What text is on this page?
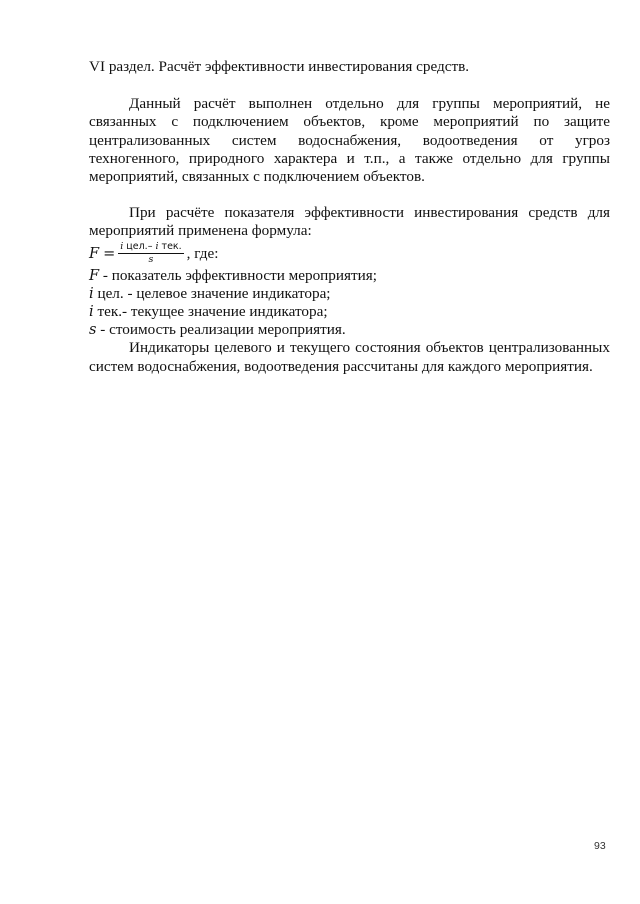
VI раздел. Расчёт эффективности инвестирования средств.

Данный расчёт выполнен отдельно для группы мероприятий, не связанных с подключением объектов, кроме мероприятий по защите централизованных систем водоснабжения, водоотведения от угроз техногенного, природного характера и т.п., а также отдельно для группы мероприятий, связанных с подключением объектов.

При расчёте показателя эффективности инвестирования средств для мероприятий применена формула:

$F = \frac{\text{i цел.– i тек.}}{s}$ , где:

F - показатель эффективности мероприятия;

i цел. - целевое значение индикатора;

i тек.- текущее значение индикатора;

s - стоимость реализации мероприятия.

Индикаторы целевого и текущего состояния объектов централизованных систем водоснабжения, водоотведения рассчитаны для каждого мероприятия.

93
